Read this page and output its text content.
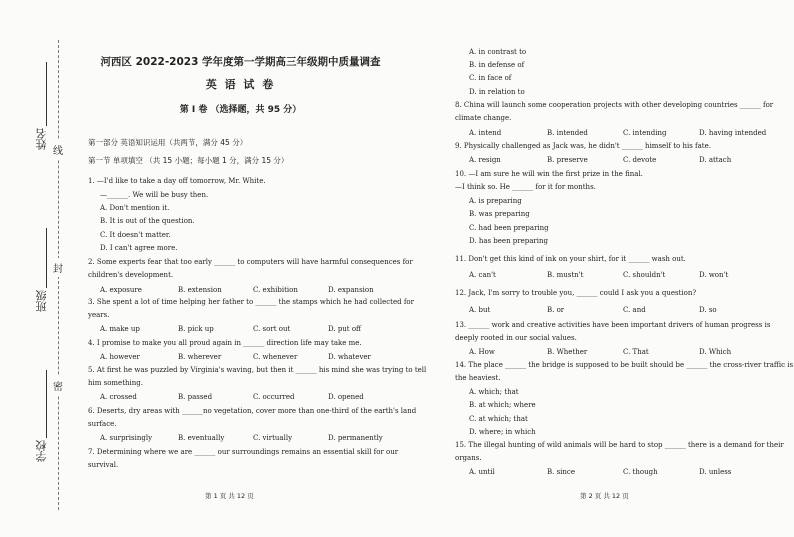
姓名
班级
学校
线
封
密
河西区 2022-2023 学年度第一学期高三年级期中质量调查
英 语 试 卷
第 I 卷 （选择题，共 95 分）
第一部分 英语知识运用（共两节，满分 45 分）
第一节 单项填空 （共 15 小题；每小题 1 分，满分 15 分）
1. —I'd like to take a day off tomorrow, Mr. White.
—______. We will be busy then.
A. Don't mention it.
B. It is out of the question.
C. It doesn't matter.
D. I can't agree more.
2. Some experts fear that too early ______ to computers will have harmful consequences for
children's development.
A. exposure	B. extension	C. exhibition	D. expansion
3. She spent a lot of time helping her father to ______ the stamps which he had collected for
years.
A. make up	B. pick up	C. sort out	D. put off
4. I promise to make you all proud again in ______ direction life may take me.
A. however	B. wherever	C. whenever	D. whatever
5. At first he was puzzled by Virginia's waving, but then it ______ his mind she was trying to tell
him something.
A. crossed	B. passed	C. occurred	D. opened
6. Deserts, dry areas with ______no vegetation, cover more than one-third of the earth's land
surface.
A. surprisingly	B. eventually	C. virtually	D. permanently
7. Determining where we are ______ our surroundings remains an essential skill for our
survival.
第 1 页 共 12 页
A. in contrast to
B. in defense of
C. in face of
D. in relation to
8. China will launch some cooperation projects with other developing countries ______ for
climate change.
A. intend	B. intended	C. intending	D. having intended
9. Physically challenged as Jack was, he didn't ______ himself to his fate.
A. resign	B. preserve	C. devote	D. attach
10. —I am sure he will win the first prize in the final.
—I think so. He ______ for it for months.
A. is preparing
B. was preparing
C. had been preparing
D. has been preparing
11. Don't get this kind of ink on your shirt, for it ______ wash out.
A. can't	B. mustn't	C. shouldn't	D. won't
12. Jack, I'm sorry to trouble you, ______ could I ask you a question?
A. but	B. or	C. and	D. so
13. ______ work and creative activities have been important drivers of human progress is
deeply rooted in our social values.
A. How	B. Whether	C. That	D. Which
14. The place ______ the bridge is supposed to be built should be ______ the cross-river traffic is
the heaviest.
A. which; that
B. at which; where
C. at which; that
D. where; in which
15. The illegal hunting of wild animals will be hard to stop ______ there is a demand for their
organs.
A. until	B. since	C. though	D. unless
第 2 页 共 12 页
